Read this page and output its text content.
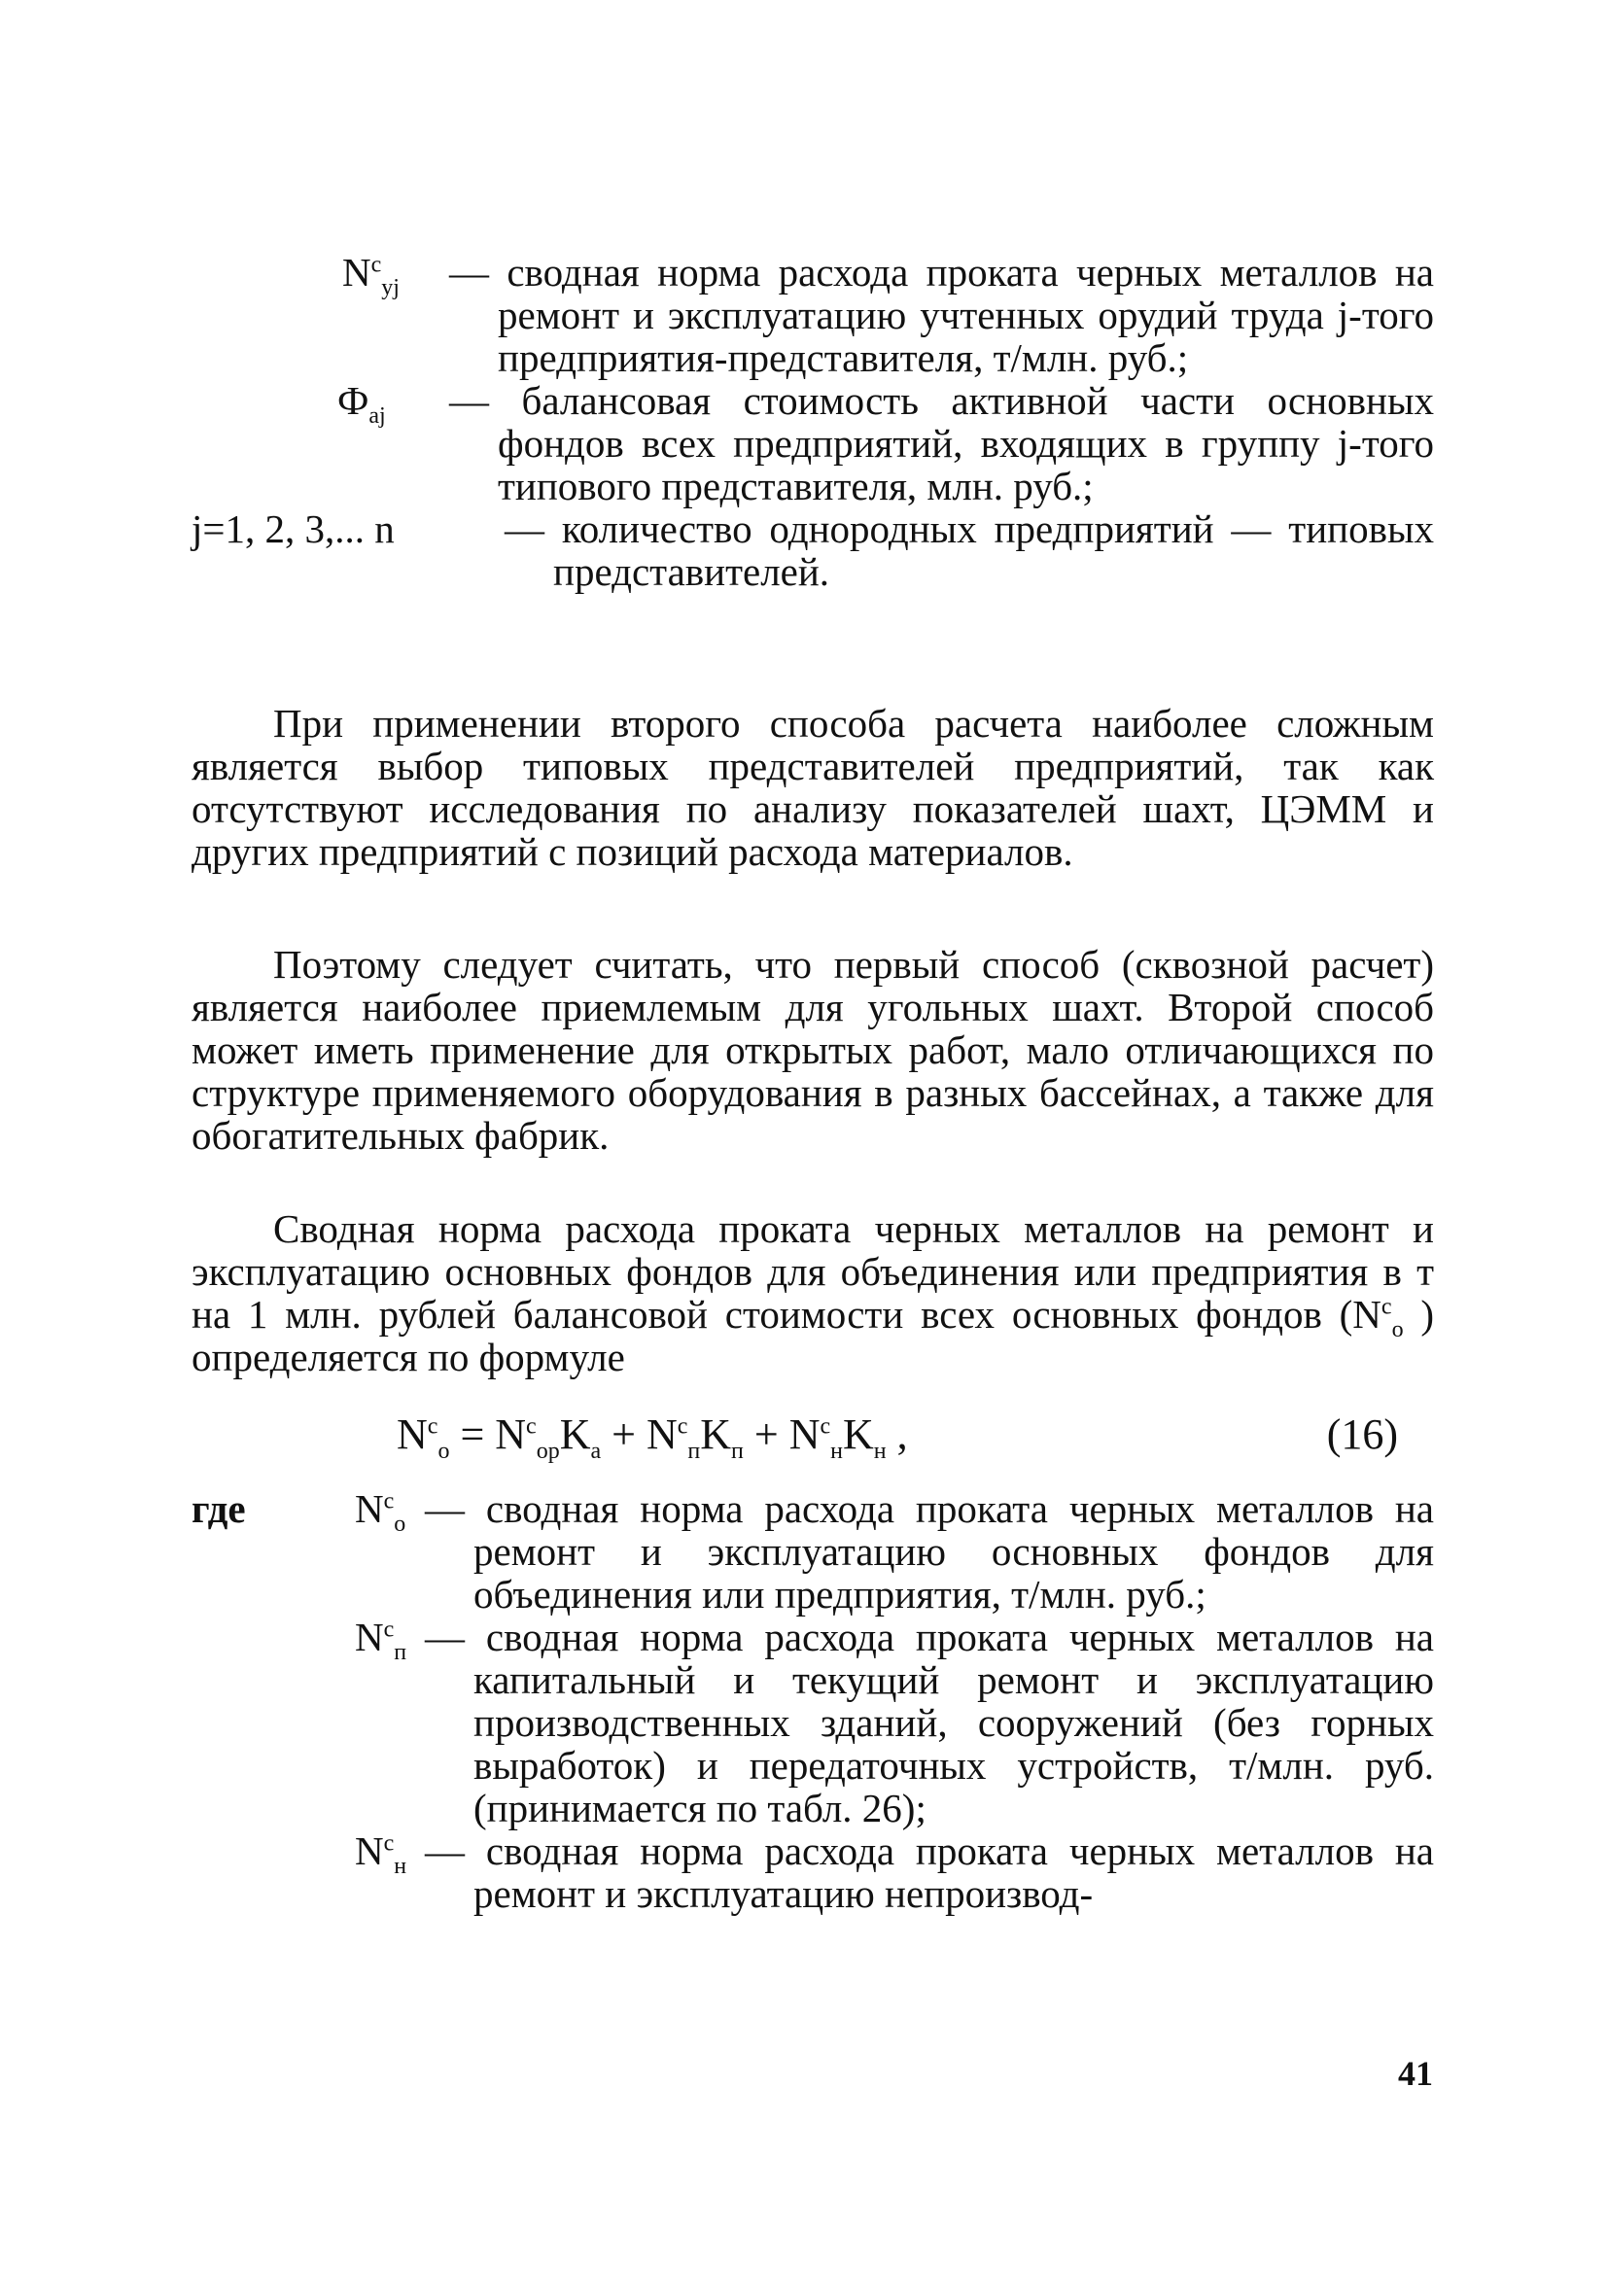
$N^c_{yj}$ — сводная норма расхода проката черных металлов на ремонт и эксплуатацию учтенных орудий труда j-того предприятия-представителя, т/млн. руб.;
$Ф_{aj}$ — балансовая стоимость активной части основных фондов всех предприятий, входящих в группу j-того типового представителя, млн. руб.;
j=1, 2, 3,... n	— количество однородных предприятий — типовых представителей.
При применении второго способа расчета наиболее сложным является выбор типовых представителей предприятий, так как отсутствуют исследования по анализу показателей шахт, ЦЭММ и других предприятий с позиций расхода материалов.
Поэтому следует считать, что первый способ (сквозной расчет) является наиболее приемлемым для угольных шахт. Второй способ может иметь применение для открытых работ, мало отличающихся по структуре применяемого оборудования в разных бассейнах, а также для обогатительных фабрик.
Сводная норма расхода проката черных металлов на ремонт и эксплуатацию основных фондов для объединения или предприятия в т на 1 млн. рублей балансовой стоимости всех основных фондов ($N^c_o$ ) определяется по формуле
$N^c_o = N^c_{op}K_a + N^c_пK_п + N^c_нK_н$ ,	(16)
где	$N^c_o$ — сводная норма расхода проката черных металлов на ремонт и эксплуатацию основных фондов для объединения или предприятия, т/млн. руб.;
$N^c_п$ — сводная норма расхода проката черных металлов на капитальный и текущий ремонт и эксплуатацию производственных зданий, сооружений (без горных выработок) и передаточных устройств, т/млн. руб. (принимается по табл. 26);
$N^c_н$ — сводная норма расхода проката черных металлов на ремонт и эксплуатацию непроизвод-
41
